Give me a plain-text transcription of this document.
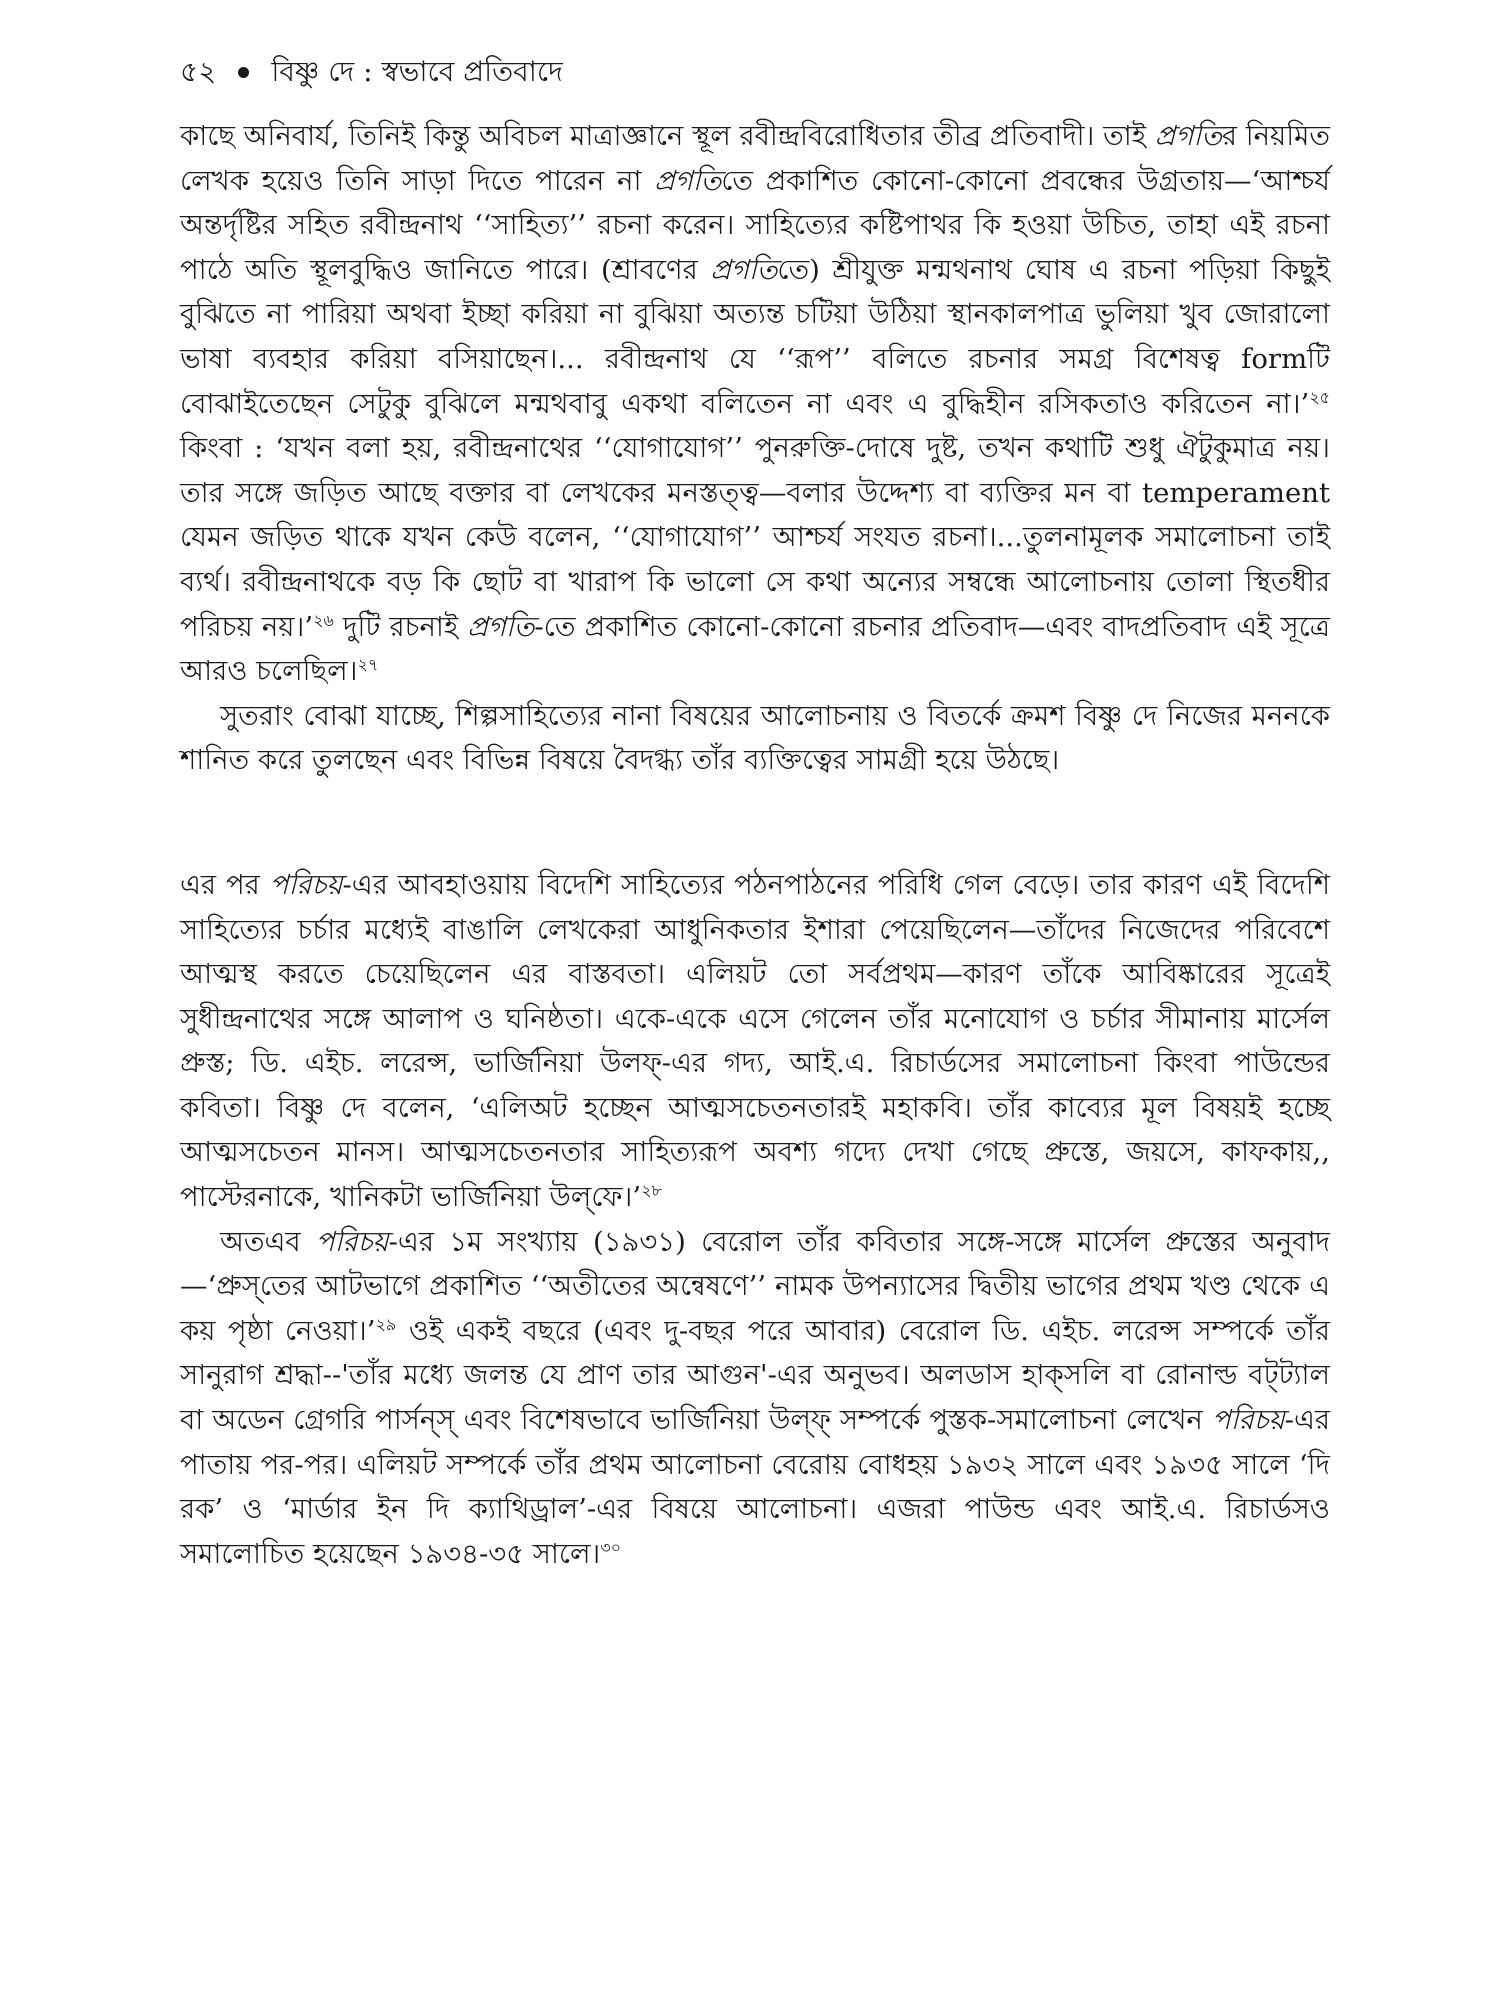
৫২ বিষ্ণু দে : স্বভাবে প্রতিবাদে

কাছে অনিবার্য, তিনিই কিন্তু অবিচল মাত্রাজ্ঞানে স্থূল রবীন্দ্রবিরোধিতার তীব্র প্রতিবাদী। তাই প্রগতির নিয়মিত লেখক হয়েও তিনি সাড়া দিতে পারেন না প্রগতিতে প্রকাশিত কোনো-কোনো প্রবন্ধের উগ্রতায়—‘আশ্চর্য অন্তর্দৃষ্টির সহিত রবীন্দ্রনাথ ‘‘সাহিত্য’’ রচনা করেন। সাহিত্যের কষ্টিপাথর কি হওয়া উচিত, তাহা এই রচনা পাঠে অতি স্থূলবুদ্ধিও জানিতে পারে। (শ্রাবণের প্রগতিতে) শ্রীযুক্ত মন্মথনাথ ঘোষ এ রচনা পড়িয়া কিছুই বুঝিতে না পারিয়া অথবা ইচ্ছা করিয়া না বুঝিয়া অত্যন্ত চটিয়া উঠিয়া স্থানকালপাত্র ভুলিয়া খুব জোরালো ভাষা ব্যবহার করিয়া বসিয়াছেন।... রবীন্দ্রনাথ যে ‘‘রূপ’’ বলিতে রচনার সমগ্র বিশেষত্ব formটি বোঝাইতেছেন সেটুকু বুঝিলে মন্মথবাবু একথা বলিতেন না এবং এ বুদ্ধিহীন রসিকতাও করিতেন না।’$^{২৫}$ কিংবা : ‘যখন বলা হয়, রবীন্দ্রনাথের ‘‘যোগাযোগ’’ পুনরুক্তি-দোষে দুষ্ট, তখন কথাটি শুধু ঐটুকুমাত্র নয়। তার সঙ্গে জড়িত আছে বক্তার বা লেখকের মনস্তত্ত্ব—বলার উদ্দেশ্য বা ব্যক্তির মন বা temperament যেমন জড়িত থাকে যখন কেউ বলেন, ‘‘যোগাযোগ’’ আশ্চর্য সংযত রচনা।...তুলনামূলক সমালোচনা তাই ব্যর্থ। রবীন্দ্রনাথকে বড় কি ছোট বা খারাপ কি ভালো সে কথা অন্যের সম্বন্ধে আলোচনায় তোলা স্থিতধীর পরিচয় নয়।’$^{২৬}$ দুটি রচনাই প্রগতি-তে প্রকাশিত কোনো-কোনো রচনার প্রতিবাদ—এবং বাদপ্রতিবাদ এই সূত্রে আরও চলেছিল।$^{২৭}$

সুতরাং বোঝা যাচ্ছে, শিল্পসাহিত্যের নানা বিষয়ের আলোচনায় ও বিতর্কে ক্রমশ বিষ্ণু দে নিজের মননকে শানিত করে তুলছেন এবং বিভিন্ন বিষয়ে বৈদগ্ধ্য তাঁর ব্যক্তিত্বের সামগ্রী হয়ে উঠছে।

এর পর পরিচয়-এর আবহাওয়ায় বিদেশি সাহিত্যের পঠনপাঠনের পরিধি গেল বেড়ে। তার কারণ এই বিদেশি সাহিত্যের চর্চার মধ্যেই বাঙালি লেখকেরা আধুনিকতার ইশারা পেয়েছিলেন—তাঁদের নিজেদের পরিবেশে আত্মস্থ করতে চেয়েছিলেন এর বাস্তবতা। এলিয়ট তো সর্বপ্রথম—কারণ তাঁকে আবিষ্কারের সূত্রেই সুধীন্দ্রনাথের সঙ্গে আলাপ ও ঘনিষ্ঠতা। একে-একে এসে গেলেন তাঁর মনোযোগ ও চর্চার সীমানায় মার্সেল প্রুস্ত; ডি. এইচ. লরেন্স, ভার্জিনিয়া উলফ্-এর গদ্য, আই.এ. রিচার্ডসের সমালোচনা কিংবা পাউন্ডের কবিতা। বিষ্ণু দে বলেন, ‘এলিঅট হচ্ছেন আত্মসচেতনতারই মহাকবি। তাঁর কাব্যের মূল বিষয়ই হচ্ছে আত্মসচেতন মানস। আত্মসচেতনতার সাহিত্যরূপ অবশ্য গদ্যে দেখা গেছে প্রুস্তে, জয়সে, কাফকায়,, পাস্টেরনাকে, খানিকটা ভার্জিনিয়া উল্‌ফে।’$^{২৮}$

অতএব পরিচয়-এর ১ম সংখ্যায় (১৯৩১) বেরোল তাঁর কবিতার সঙ্গে-সঙ্গে মার্সেল প্রুস্তের অনুবাদ—‘প্রুস্‌তের আটভাগে প্রকাশিত ‘‘অতীতের অন্বেষণে’’ নামক উপন্যাসের দ্বিতীয় ভাগের প্রথম খণ্ড থেকে এ কয় পৃষ্ঠা নেওয়া।’$^{২৯}$ ওই একই বছরে (এবং দু-বছর পরে আবার) বেরোল ডি. এইচ. লরেন্স সম্পর্কে তাঁর সানুরাগ শ্রদ্ধা--'তাঁর মধ্যে জলন্ত যে প্রাণ তার আগুন'-এর অনুভব। অলডাস হাক্‌সলি বা রোনাল্ড বট্‌ট্যাল বা অডেন গ্রেগরি পার্সন্‌স্ এবং বিশেষভাবে ভার্জিনিয়া উল্‌ফ্ সম্পর্কে পুস্তক-সমালোচনা লেখেন পরিচয়-এর পাতায় পর-পর। এলিয়ট সম্পর্কে তাঁর প্রথম আলোচনা বেরোয় বোধহয় ১৯৩২ সালে এবং ১৯৩৫ সালে ‘দি রক’ ও ‘মার্ডার ইন দি ক্যাথিড্রাল’-এর বিষয়ে আলোচনা। এজরা পাউন্ড এবং আই.এ. রিচার্ডসও সমালোচিত হয়েছেন ১৯৩৪-৩৫ সালে।$^{৩০}$
